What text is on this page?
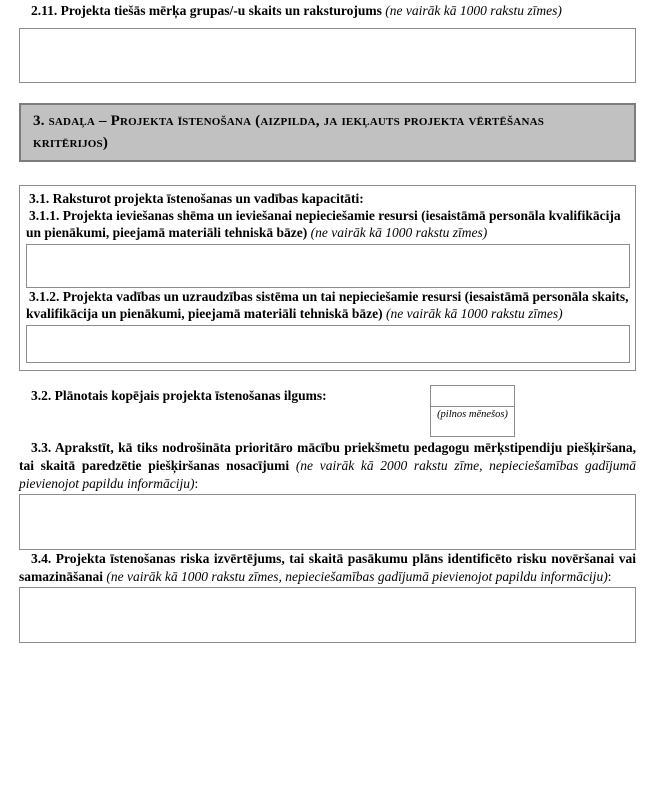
2.11. Projekta tiešās mērķa grupas/-u skaits un raksturojums (ne vairāk kā 1000 rakstu zīmes)

3. sadaļa – Projekta īstenošana (aizpilda, ja iekļauts projekta vērtēšanas kritērijos)

3.1. Raksturot projekta īstenošanas un vadības kapacitāti:

3.1.1. Projekta ieviešanas shēma un ieviešanai nepieciešamie resursi (iesaistāmā personāla kvalifikācija un pienākumi, pieejamā materiāli tehniskā bāze) (ne vairāk kā 1000 rakstu zīmes)

3.1.2. Projekta vadības un uzraudzības sistēma un tai nepieciešamie resursi (iesaistāmā personāla skaits, kvalifikācija un pienākumi, pieejamā materiāli tehniskā bāze) (ne vairāk kā 1000 rakstu zīmes)

3.2. Plānotais kopējais projekta īstenošanas ilgums:

(pilnos mēnešos)

3.3. Aprakstīt, kā tiks nodrošināta prioritāro mācību priekšmetu pedagogu mērķstipendiju piešķiršana, tai skaitā paredzētie piešķiršanas nosacījumi (ne vairāk kā 2000 rakstu zīme, nepieciešamības gadījumā pievienojot papildu informāciju):

3.4. Projekta īstenošanas riska izvērtējums, tai skaitā pasākumu plāns identificēto risku novēršanai vai samazināšanai (ne vairāk kā 1000 rakstu zīmes, nepieciešamības gadījumā pievienojot papildu informāciju):
